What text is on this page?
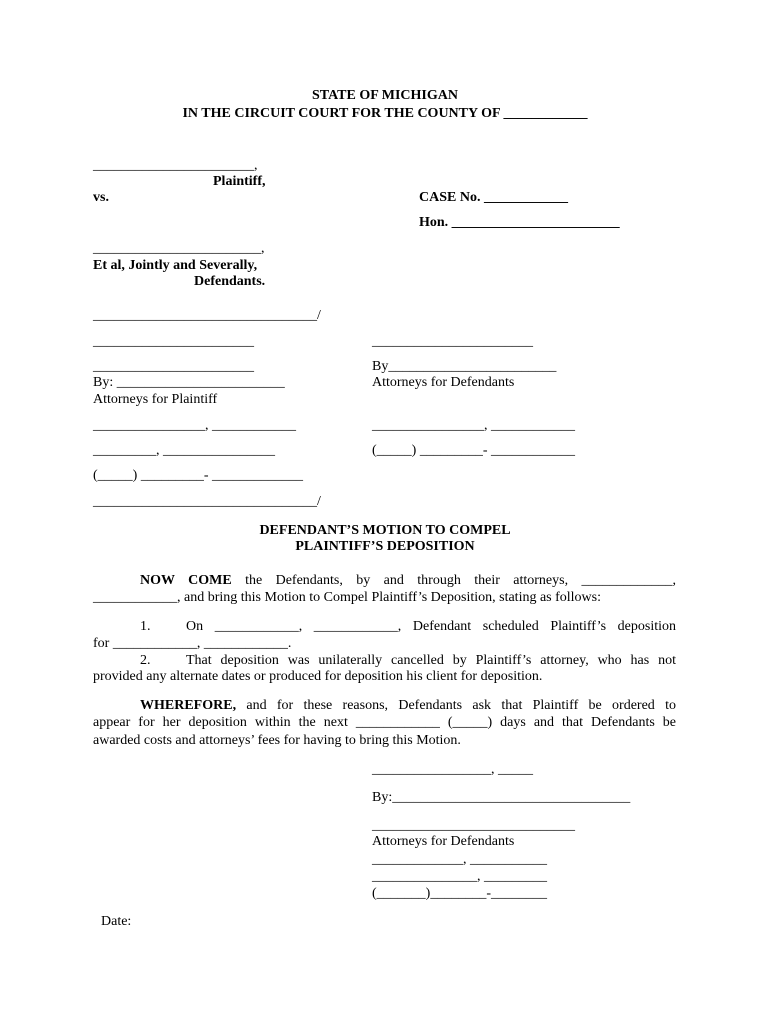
STATE OF MICHIGAN
IN THE CIRCUIT COURT FOR THE COUNTY OF ____________
_______________________,
Plaintiff,
vs.	CASE No. ____________
Hon. ________________________
________________________,
Et al, Jointly and Severally,
Defendants.
________________________________/
_______________________
_______________________
By: ________________________
Attorneys for Plaintiff
________________, ____________
_________, ________________
(_____) _________- _____________
________________________________/
_______________________
By________________________
Attorneys for Defendants
________________, ____________
(_____) _________- ____________
DEFENDANT’S MOTION TO COMPEL
PLAINTIFF’S DEPOSITION
NOW COME the Defendants, by and through their attorneys, _____________,
____________, and bring this Motion to Compel Plaintiff’s Deposition, stating as follows:
1.	On ____________, ____________, Defendant scheduled Plaintiff’s deposition
for ____________, ____________.
2.	That deposition was unilaterally cancelled by Plaintiff’s attorney, who has not
provided any alternate dates or produced for deposition his client for deposition.
WHEREFORE, and for these reasons, Defendants ask that Plaintiff be ordered to
appear for her deposition within the next ____________ (_____) days and that Defendants be
awarded costs and attorneys’ fees for having to bring this Motion.
_________________, _____
By:__________________________________
_____________________________
Attorneys for Defendants
_____________, ___________
_______________, _________
(_______)________-________
Date:
